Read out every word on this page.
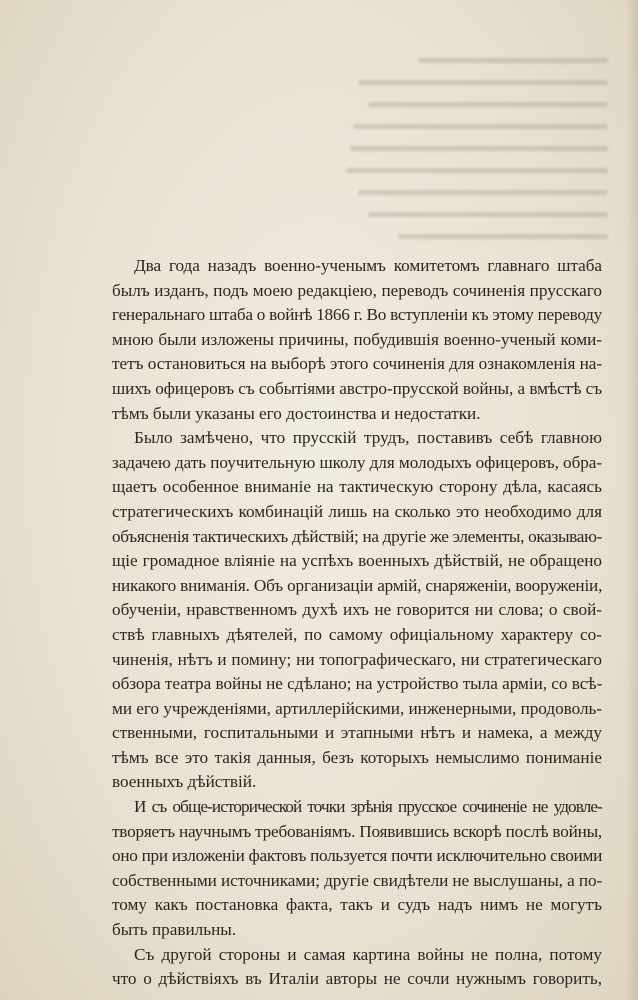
Два года назадъ военно-ученымъ комитетомъ главнаго штаба
былъ изданъ, подъ моею редакціею, переводъ сочиненія прусскаго
генеральнаго штаба о войнѣ 1866 г. Во вступленіи къ этому переводу
мною были изложены причины, побудившія военно-ученый коми-
тетъ остановиться на выборѣ этого сочиненія для ознакомленія на-
шихъ офицеровъ съ событіями австро-прусской войны, а вмѣстѣ съ
тѣмъ были указаны его достоинства и недостатки.

Было замѣчено, что прусскій трудъ, поставивъ себѣ главною
задачею дать поучительную школу для молодыхъ офицеровъ, обра-
щаетъ особенное вниманіе на тактическую сторону дѣла, касаясь
стратегическихъ комбинацій лишь на сколько это необходимо для
объясненія тактическихъ дѣйствій; на другіе же элементы, оказываю-
щіе громадное вліяніе на успѣхъ военныхъ дѣйствій, не обращено
никакого вниманія. Объ организаціи армій, снаряженіи, вооруженіи,
обученіи, нравственномъ духѣ ихъ не говорится ни слова; о свой-
ствѣ главныхъ дѣятелей, по самому офиціальному характеру со-
чиненія, нѣтъ и помину; ни топографическаго, ни стратегическаго
обзора театра войны не сдѣлано; на устройство тыла арміи, со всѣ-
ми его учрежденіями, артиллерійскими, инженерными, продоволь-
ственными, госпитальными и этапными нѣтъ и намека, а между
тѣмъ все это такія данныя, безъ которыхъ немыслимо пониманіе
военныхъ дѣйствій.

И съ обще-исторической точки зрѣнія прусское сочиненіе не удовле-
творяетъ научнымъ требованіямъ. Появившись вскорѣ послѣ войны,
оно при изложеніи фактовъ пользуется почти исключительно своими
собственными источниками; другіе свидѣтели не выслушаны, а по-
тому какъ постановка факта, такъ и судъ надъ нимъ не могутъ
быть правильны.

Съ другой стороны и самая картина войны не полна, потому
что о дѣйствіяхъ въ Италіи авторы не сочли нужнымъ говорить,
